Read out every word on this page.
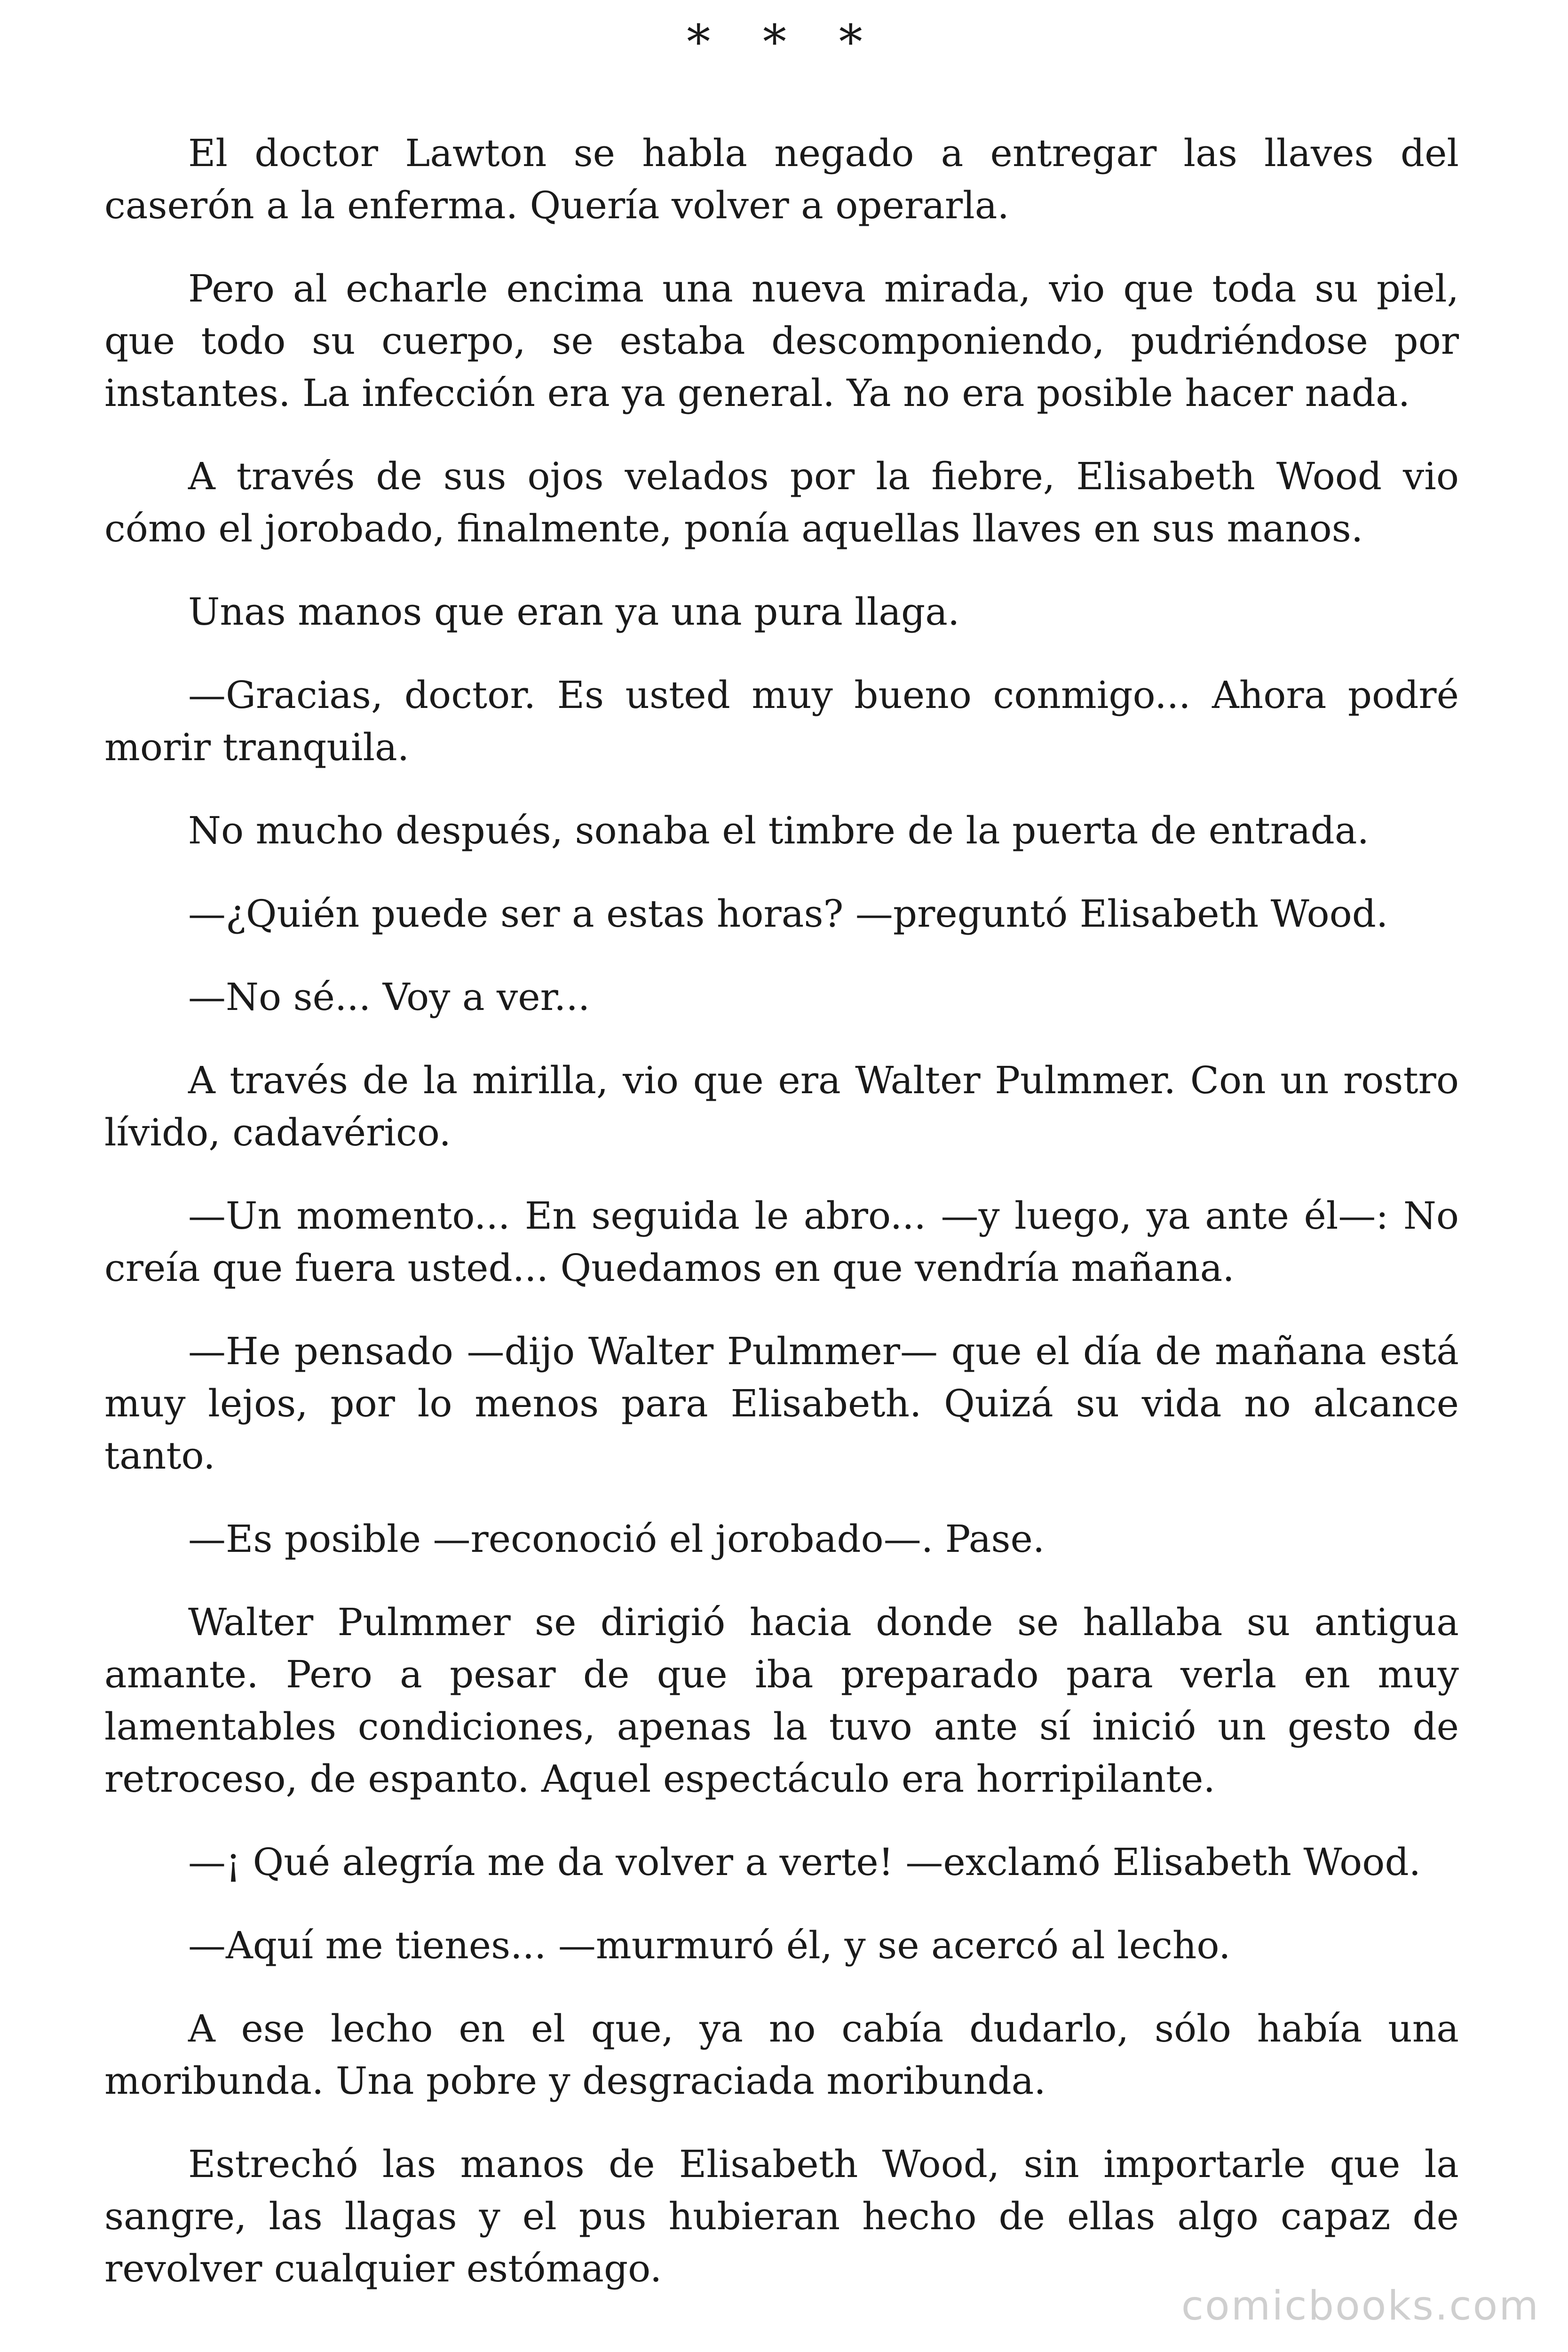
* * *

El doctor Lawton se habla negado a entregar las llaves del caserón a la enferma. Quería volver a operarla.

Pero al echarle encima una nueva mirada, vio que toda su piel, que todo su cuerpo, se estaba descomponiendo, pudriéndose por instantes. La infección era ya general. Ya no era posible hacer nada.

A través de sus ojos velados por la fiebre, Elisabeth Wood vio cómo el jorobado, finalmente, ponía aquellas llaves en sus manos.

Unas manos que eran ya una pura llaga.

—Gracias, doctor. Es usted muy bueno conmigo... Ahora podré morir tranquila.

No mucho después, sonaba el timbre de la puerta de entrada.

—¿Quién puede ser a estas horas? —preguntó Elisabeth Wood.

—No sé... Voy a ver...

A través de la mirilla, vio que era Walter Pulmmer. Con un rostro lívido, cadavérico.

—Un momento... En seguida le abro... —y luego, ya ante él—: No creía que fuera usted... Quedamos en que vendría mañana.

—He pensado —dijo Walter Pulmmer— que el día de mañana está muy lejos, por lo menos para Elisabeth. Quizá su vida no alcance tanto.

—Es posible —reconoció el jorobado—. Pase.

Walter Pulmmer se dirigió hacia donde se hallaba su antigua amante. Pero a pesar de que iba preparado para verla en muy lamentables condiciones, apenas la tuvo ante sí inició un gesto de retroceso, de espanto. Aquel espectáculo era horripilante.

—¡ Qué alegría me da volver a verte! —exclamó Elisabeth Wood.

—Aquí me tienes... —murmuró él, y se acercó al lecho.

A ese lecho en el que, ya no cabía dudarlo, sólo había una moribunda. Una pobre y desgraciada moribunda.

Estrechó las manos de Elisabeth Wood, sin importarle que la sangre, las llagas y el pus hubieran hecho de ellas algo capaz de revolver cualquier estómago.

comicbooks.com
